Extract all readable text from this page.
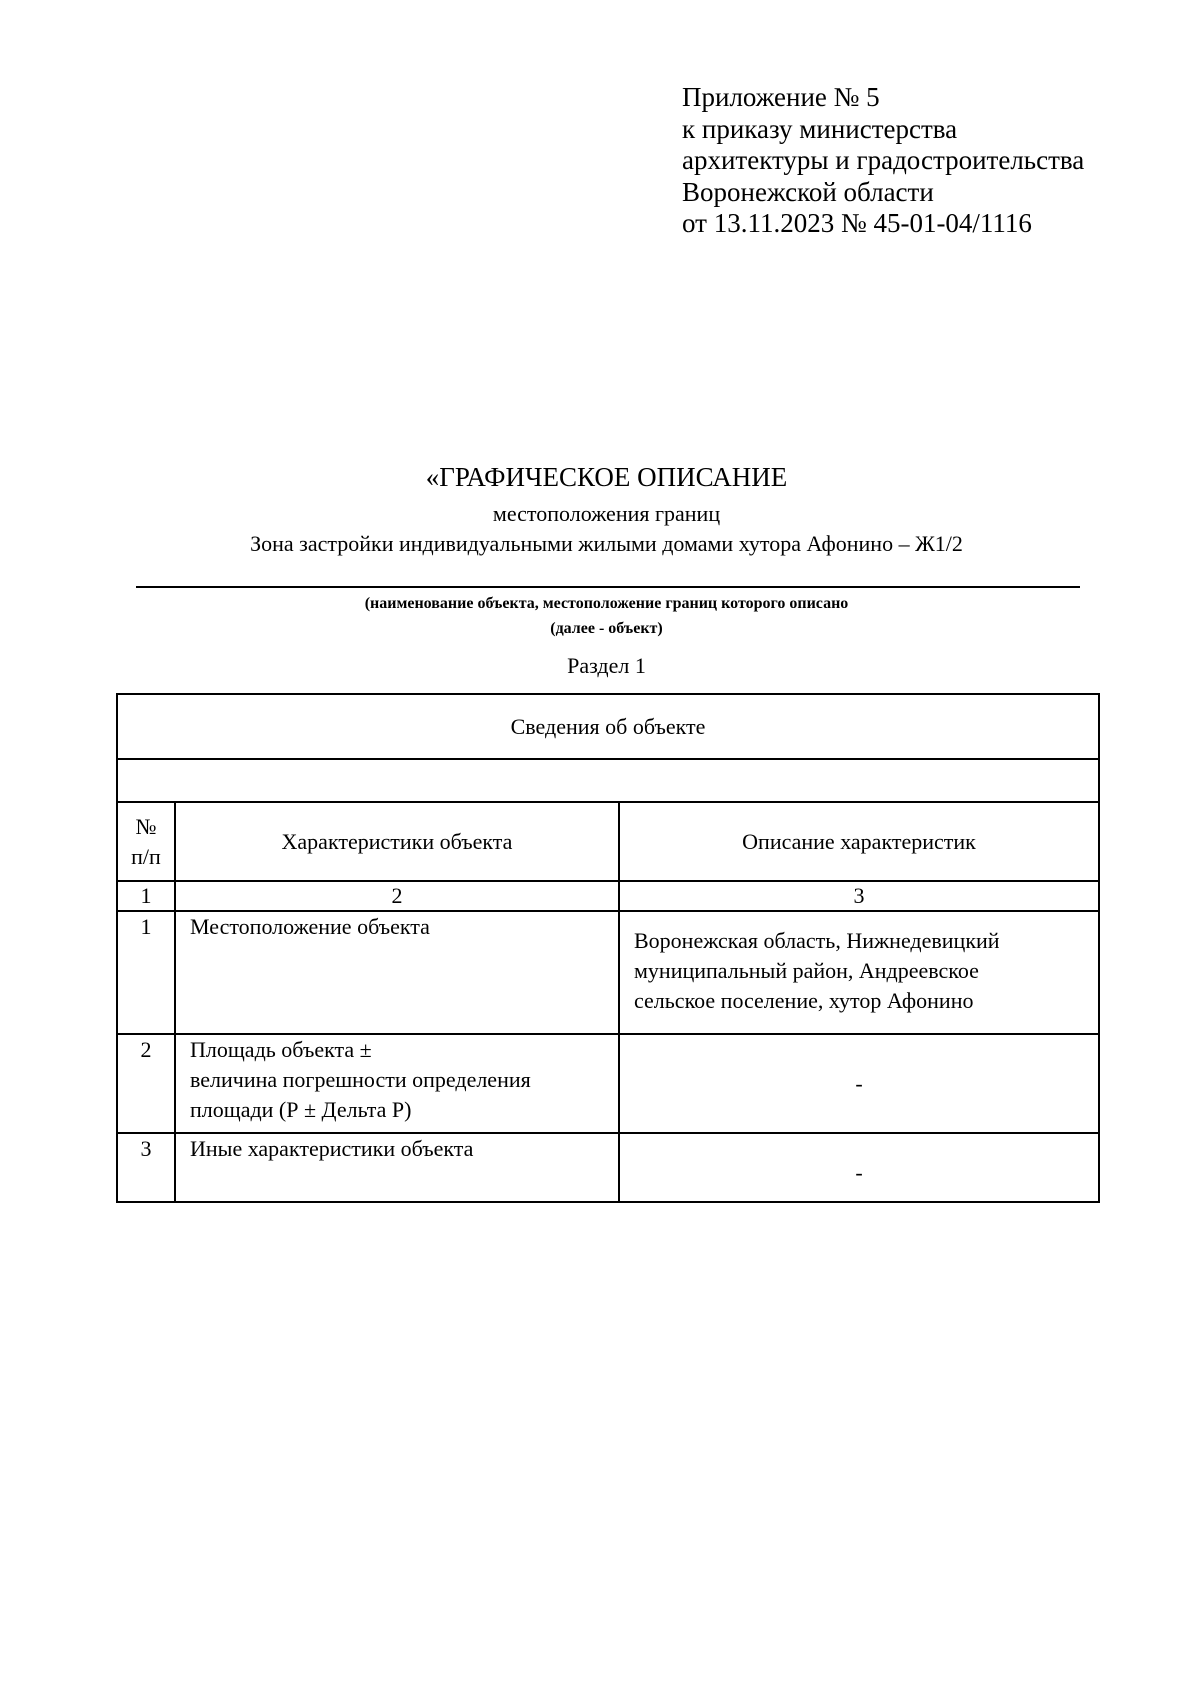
Приложение № 5
к приказу министерства
архитектуры и градостроительства
Воронежской области
от 13.11.2023 № 45-01-04/1116
«ГРАФИЧЕСКОЕ ОПИСАНИЕ
местоположения границ
Зона застройки индивидуальными жилыми домами хутора Афонино – Ж1/2
(наименование объекта, местоположение границ которого описано
(далее - объект)
Раздел 1
Сведения об объекте		

№
п/п	Характеристики объекта	Описание характеристик
1	2	3
1	Местоположение объекта	Воронежская область, Нижнедевицкий
муниципальный район, Андреевское
сельское поселение, хутор Афонино

2	Площадь объекта ±
величина погрешности определения
площади (Р ± Дельта Р)	-

3	Иные характеристики объекта	-
